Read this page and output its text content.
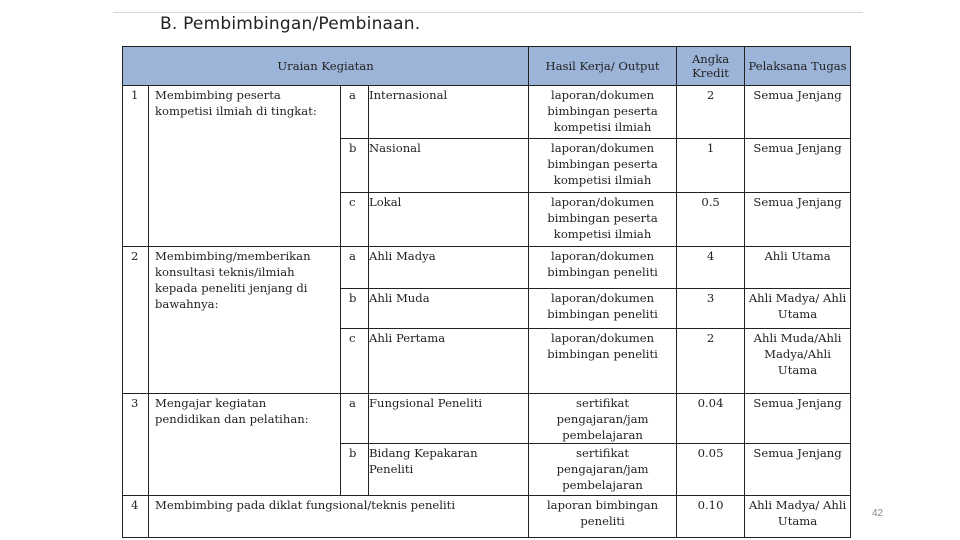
B. Pembimbingan/Pembinaan.
Uraian Kegiatan				Hasil Kerja/ Output	Angka Kredit	Pelaksana Tugas
1	Membimbing peserta kompetisi ilmiah di tingkat:	a	Internasional	laporan/dokumen bimbingan peserta kompetisi ilmiah	2	Semua Jenjang
		b	Nasional	laporan/dokumen bimbingan peserta kompetisi ilmiah	1	Semua Jenjang
		c	Lokal	laporan/dokumen bimbingan peserta kompetisi ilmiah	0.5	Semua Jenjang
2	Membimbing/memberikan konsultasi teknis/ilmiah kepada peneliti jenjang di bawahnya:	a	Ahli Madya	laporan/dokumen bimbingan peneliti	4	Ahli Utama
		b	Ahli Muda	laporan/dokumen bimbingan peneliti	3	Ahli Madya/ Ahli Utama
		c	Ahli Pertama	laporan/dokumen bimbingan peneliti	2	Ahli Muda/Ahli Madya/Ahli Utama
3	Mengajar kegiatan pendidikan dan pelatihan:	a	Fungsional Peneliti	sertifikat pengajaran/jam pembelajaran	0.04	Semua Jenjang
		b	Bidang Kepakaran Peneliti	sertifikat pengajaran/jam pembelajaran	0.05	Semua Jenjang
4	Membimbing pada diklat fungsional/teknis peneliti			laporan bimbingan peneliti	0.10	Ahli Madya/ Ahli Utama
42
